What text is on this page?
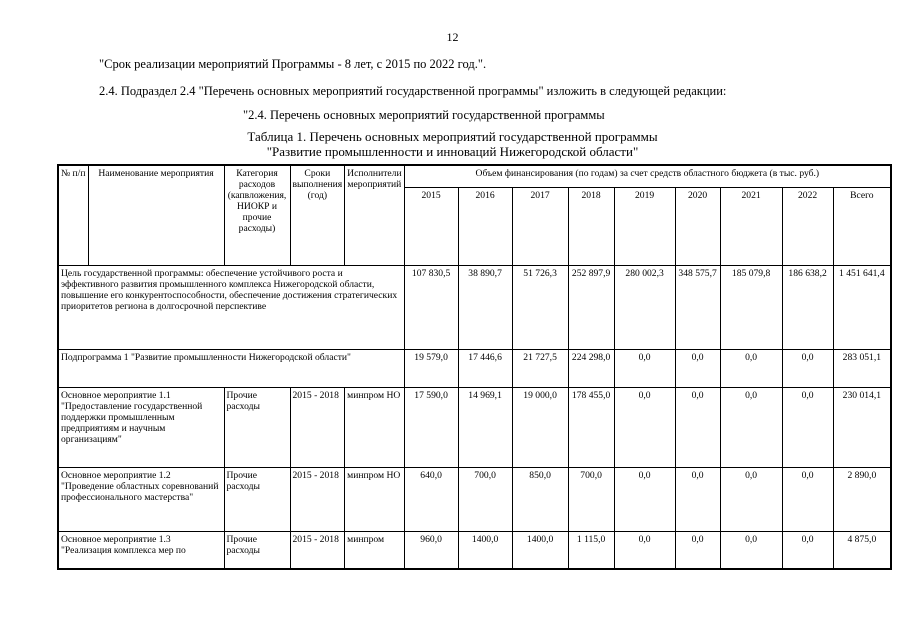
12
"Срок реализации мероприятий Программы - 8 лет, с 2015 по 2022 год.".
2.4. Подраздел 2.4 "Перечень основных мероприятий государственной программы" изложить в следующей редакции:
"2.4. Перечень основных мероприятий государственной программы
Таблица 1. Перечень основных мероприятий государственной программы
"Развитие промышленности и инноваций Нижегородской области"
№ п/п	Наименование мероприятия	Категория расходов (капвложения, НИОКР и прочие расходы)	Сроки выполнения (год)	Исполнители мероприятий	Объем финансирования (по годам) за счет средств областного бюджета (в тыс. руб.)								
					2015	2016	2017	2018	2019	2020	2021	2022	Всего
Цель государственной программы: обеспечение устойчивого роста и эффективного развития промышленного комплекса Нижегородской области, повышение его конкурентоспособности, обеспечение достижения стратегических приоритетов региона в долгосрочной перспективе					107 830,5	38 890,7	51 726,3	252 897,9	280 002,3	348 575,7	185 079,8	186 638,2	1 451 641,4
Подпрограмма 1 "Развитие промышленности Нижегородской области"					19 579,0	17 446,6	21 727,5	224 298,0	0,0	0,0	0,0	0,0	283 051,1
Основное мероприятие 1.1 "Предоставление государственной поддержки промышленным предприятиям и научным организациям"		Прочие расходы	2015 - 2018	минпром НО	17 590,0	14 969,1	19 000,0	178 455,0	0,0	0,0	0,0	0,0	230 014,1
Основное мероприятие 1.2 "Проведение областных соревнований профессионального мастерства"		Прочие расходы	2015 - 2018	минпром НО	640,0	700,0	850,0	700,0	0,0	0,0	0,0	0,0	2 890,0
Основное мероприятие 1.3 "Реализация комплекса мер по		Прочие расходы	2015 - 2018	минпром	960,0	1400,0	1400,0	1 115,0	0,0	0,0	0,0	0,0	4 875,0
